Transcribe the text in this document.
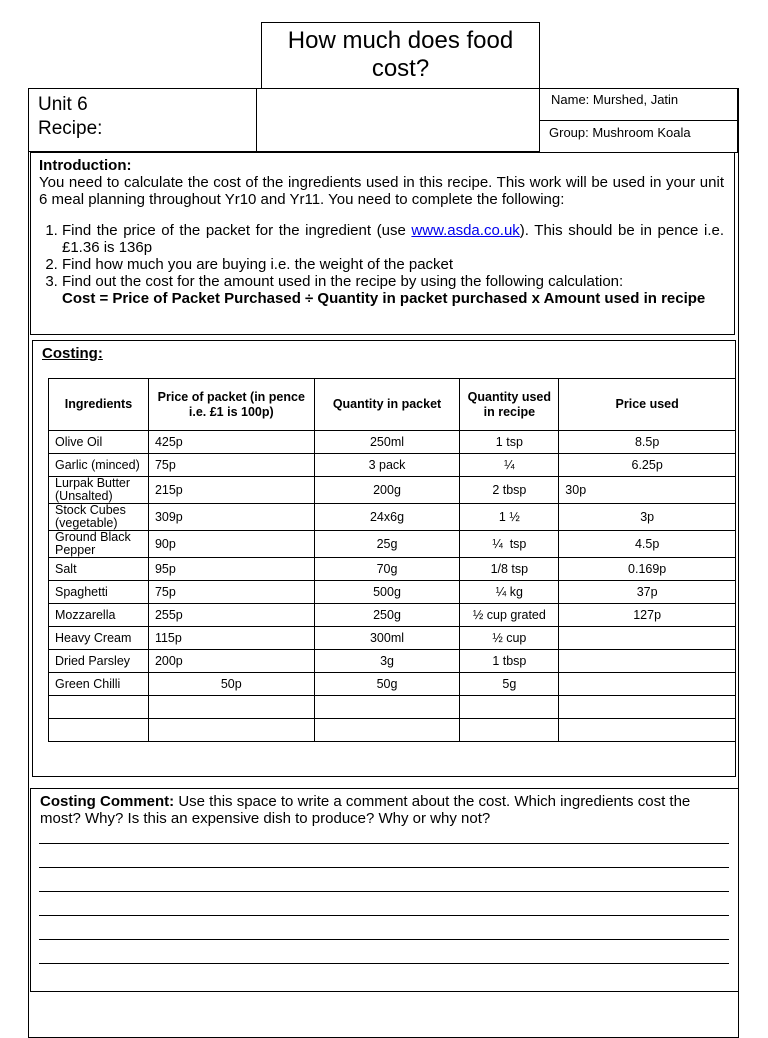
How much does food cost?
Unit 6
Recipe:
Name: Murshed, Jatin
Group: Mushroom Koala

Introduction:

You need to calculate the cost of the ingredients used in this recipe. This work will be used in your unit 6 meal planning throughout Yr10 and Yr11. You need to complete the following:

1. Find the price of the packet for the ingredient (use www.asda.co.uk). This should be in pence i.e. £1.36 is 136p
2. Find how much you are buying i.e. the weight of the packet
3. Find out the cost for the amount used in the recipe by using the following calculation:
Cost = Price of Packet Purchased ÷ Quantity in packet purchased x Amount used in recipe
Costing:
Ingredients	Price of packet (in pence i.e. £1 is 100p)	Quantity in packet	Quantity used in recipe	Price used
Olive Oil	425p	250ml	1 tsp	8.5p
Garlic (minced)	75p	3 pack	¼	6.25p
Lurpak Butter (Unsalted)	215p	200g	2 tbsp	30p
Stock Cubes (vegetable)	309p	24x6g	1 ½	3p
Ground Black Pepper	90p	25g	¼  tsp	4.5p
Salt	95p	70g	1/8 tsp	0.169p
Spaghetti	75p	500g	¼ kg	37p
Mozzarella	255p	250g	½ cup grated	127p
Heavy Cream	115p	300ml	½ cup	
Dried Parsley	200p	3g	1 tbsp	
Green Chilli	50p	50g	5g	

Costing Comment: Use this space to write a comment about the cost. Which ingredients cost the most? Why? Is this an expensive dish to produce? Why or why not?
